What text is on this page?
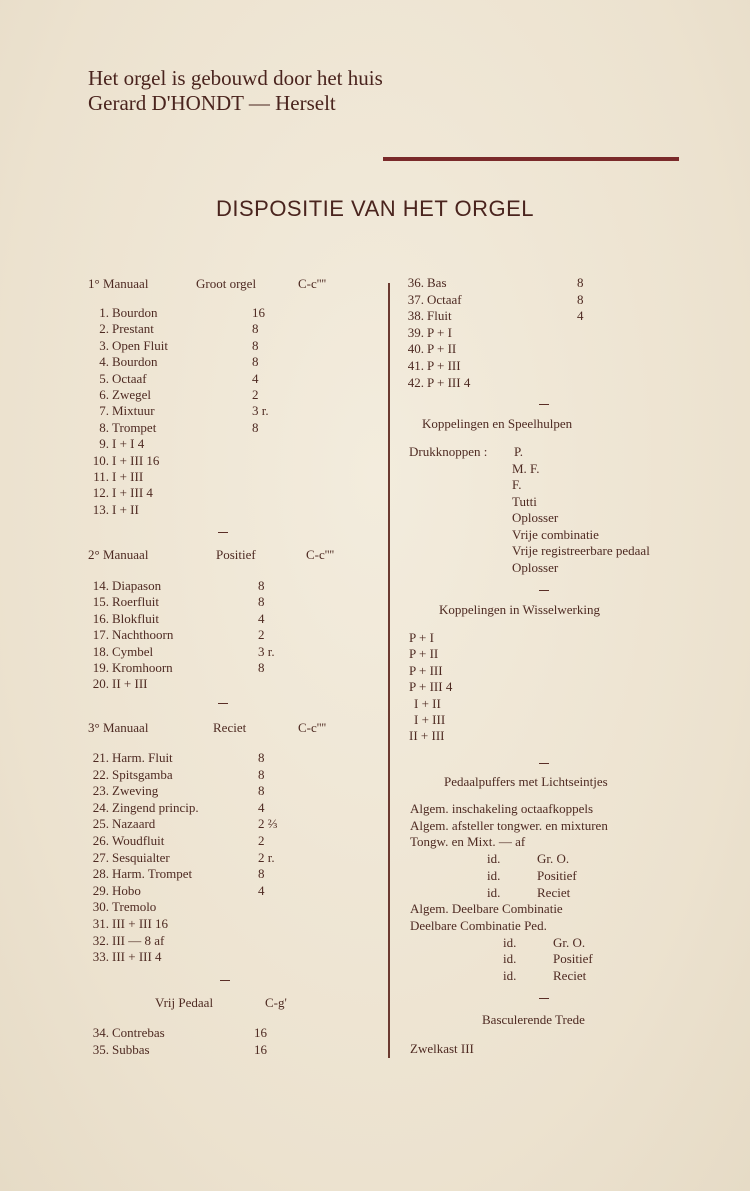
Het orgel is gebouwd door het huis
Gerard D'HONDT — Herselt
DISPOSITIE VAN HET ORGEL
1° Manuaal	Groot orgel	C-c''''
1. Bourdon	16
2. Prestant	8
3. Open Fluit	8
4. Bourdon	8
5. Octaaf	4
6. Zwegel	2
7. Mixtuur	3 r.
8. Trompet	8
9. I + I 4
10. I + III 16
11. I + III
12. I + III 4
13. I + II
2° Manuaal	Positief	C-c''''
14. Diapason	8
15. Roerfluit	8
16. Blokfluit	4
17. Nachthoorn	2
18. Cymbel	3 r.
19. Kromhoorn	8
20. II + III
3° Manuaal	Reciet	C-c''''
21. Harm. Fluit	8
22. Spitsgamba	8
23. Zweving	8
24. Zingend princip.	4
25. Nazaard	2 ⅔
26. Woudfluit	2
27. Sesquialter	2 r.
28. Harm. Trompet	8
29. Hobo	4
30. Tremolo
31. III + III 16
32. III — 8 af
33. III + III 4
Vrij Pedaal	C-g'
34. Contrebas	16
35. Subbas	16
36. Bas	8
37. Octaaf	8
38. Fluit	4
39. P + I
40. P + II
41. P + III
42. P + III 4
Koppelingen en Speelhulpen
Drukknoppen : P.
M. F.
F.
Tutti
Oplosser
Vrije combinatie
Vrije registreerbare pedaal
Oplosser
Koppelingen in Wisselwerking
P + I
P + II
P + III
P + III 4
I + II
I + III
II + III
Pedaalpuffers met Lichtseintjes
Algem. inschakeling octaafkoppels
Algem. afsteller tongwer. en mixturen
Tongw. en Mixt. — af
id.	Gr. O.
id.	Positief
id.	Reciet
Algem. Deelbare Combinatie
Deelbare Combinatie Ped.
id.	Gr. O.
id.	Positief
id.	Reciet
Basculerende Trede
Zwelkast III
